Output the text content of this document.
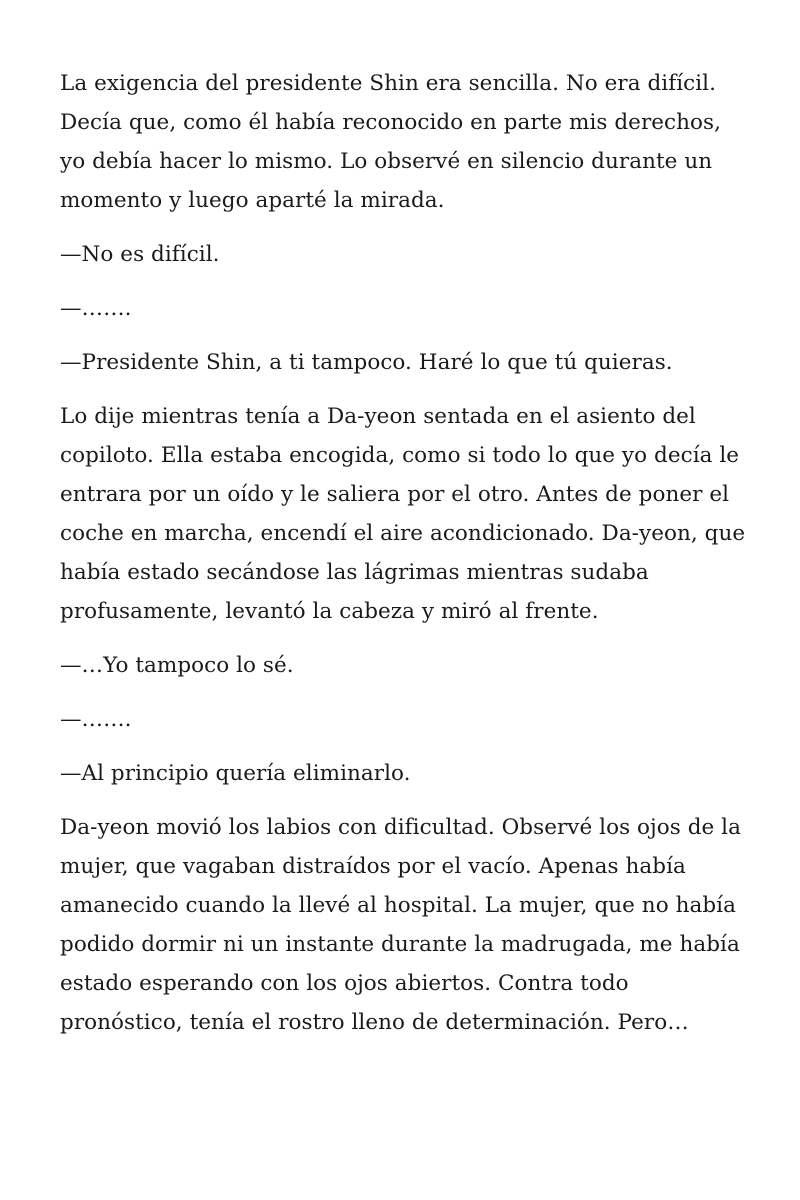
La exigencia del presidente Shin era sencilla. No era difícil. Decía que, como él había reconocido en parte mis derechos, yo debía hacer lo mismo. Lo observé en silencio durante un momento y luego aparté la mirada.

—No es difícil.

—…….

—Presidente Shin, a ti tampoco. Haré lo que tú quieras.

Lo dije mientras tenía a Da-yeon sentada en el asiento del copiloto. Ella estaba encogida, como si todo lo que yo decía le entrara por un oído y le saliera por el otro. Antes de poner el coche en marcha, encendí el aire acondicionado. Da-yeon, que había estado secándose las lágrimas mientras sudaba profusamente, levantó la cabeza y miró al frente.

—…Yo tampoco lo sé.

—…….

—Al principio quería eliminarlo.

Da-yeon movió los labios con dificultad. Observé los ojos de la mujer, que vagaban distraídos por el vacío. Apenas había amanecido cuando la llevé al hospital. La mujer, que no había podido dormir ni un instante durante la madrugada, me había estado esperando con los ojos abiertos. Contra todo pronóstico, tenía el rostro lleno de determinación. Pero…
